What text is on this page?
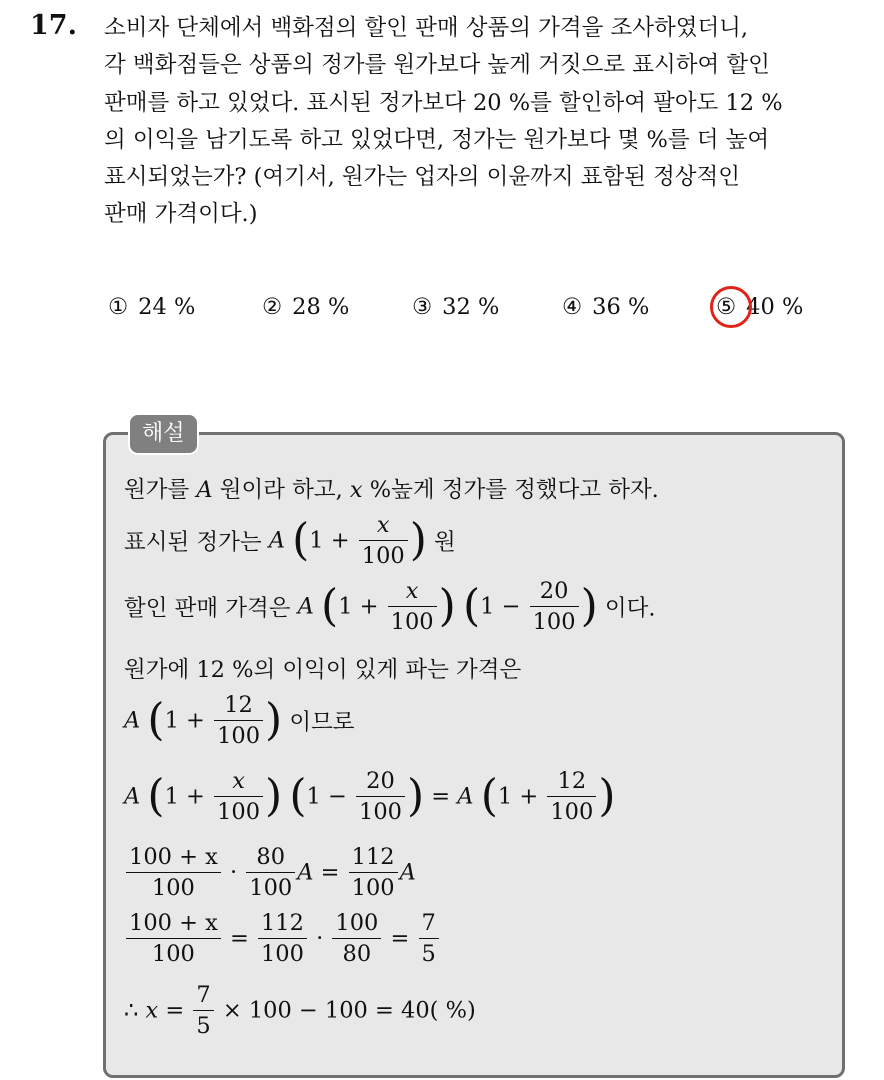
17. 소비자 단체에서 백화점의 할인 판매 상품의 가격을 조사하였더니,
각 백화점들은 상품의 정가를 원가보다 높게 거짓으로 표시하여 할인
판매를 하고 있었다. 표시된 정가보다 20 %를 할인하여 팔아도 12 %
의 이익을 남기도록 하고 있었다면, 정가는 원가보다 몇 %를 더 높여
표시되었는가? (여기서, 원가는 업자의 이윤까지 표함된 정상적인
판매 가격이다.)
① 24 %	② 28 %	③ 32 %	④ 36 %	⑤ 40 %
해설
원가를 A 원이라 하고, x %높게 정가를 정했다고 하자.
표시된 정가는 A ($1 + \frac{x}{100}$ ) 원
할인 판매 가격은 A ($1 + \frac{x}{100}$ ) ($1 - \frac{20}{100}$ ) 이다.
원가에 12 %의 이익이 있게 파는 가격은
A ($1 + \frac{12}{100}$ ) 이므로
A ($1 + \frac{x}{100}$ ) ($1 - \frac{20}{100}$ ) = A ($1 + \frac{12}{100}$ )
$\frac{100 + x}{100} \cdot \frac{80}{100}$ $A = \frac{112}{100}$ A
$\frac{100 + x}{100} = \frac{112}{100} \cdot \frac{100}{80} = \frac{7}{5}$
∴ $x = \frac{7}{5} \times 100 - 100 = 40$( %)
